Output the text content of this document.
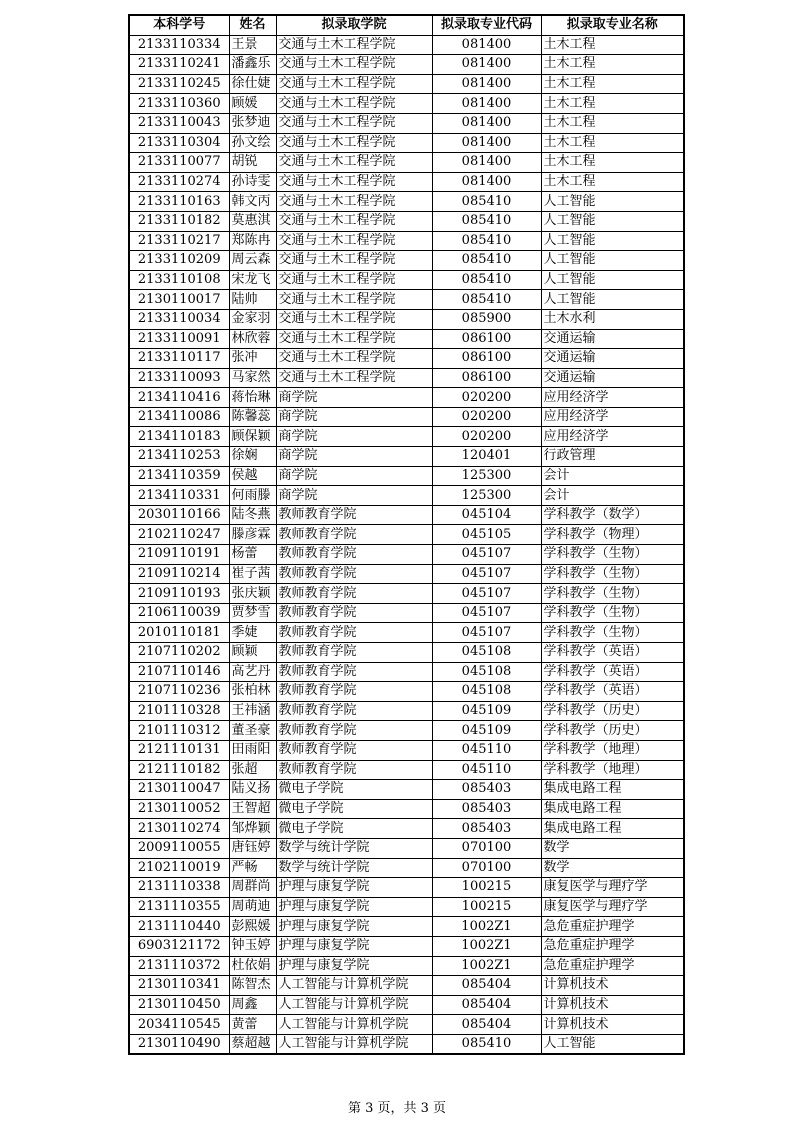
本科学号	姓名	拟录取学院	拟录取专业代码	拟录取专业名称
2133110334	王景	交通与土木工程学院	081400	土木工程
2133110241	潘鑫乐	交通与土木工程学院	081400	土木工程
2133110245	徐仕婕	交通与土木工程学院	081400	土木工程
2133110360	顾媛	交通与土木工程学院	081400	土木工程
2133110043	张梦迪	交通与土木工程学院	081400	土木工程
2133110304	孙文绘	交通与土木工程学院	081400	土木工程
2133110077	胡锐	交通与土木工程学院	081400	土木工程
2133110274	孙诗雯	交通与土木工程学院	081400	土木工程
2133110163	韩文丙	交通与土木工程学院	085410	人工智能
2133110182	莫惠淇	交通与土木工程学院	085410	人工智能
2133110217	郑陈冉	交通与土木工程学院	085410	人工智能
2133110209	周云森	交通与土木工程学院	085410	人工智能
2133110108	宋龙飞	交通与土木工程学院	085410	人工智能
2130110017	陆帅	交通与土木工程学院	085410	人工智能
2133110034	金家羽	交通与土木工程学院	085900	土木水利
2133110091	林欣蓉	交通与土木工程学院	086100	交通运输
2133110117	张冲	交通与土木工程学院	086100	交通运输
2133110093	马家然	交通与土木工程学院	086100	交通运输
2134110416	蒋怡琳	商学院	020200	应用经济学
2134110086	陈馨蕊	商学院	020200	应用经济学
2134110183	顾保颖	商学院	020200	应用经济学
2134110253	徐娴	商学院	120401	行政管理
2134110359	侯越	商学院	125300	会计
2134110331	何雨滕	商学院	125300	会计
2030110166	陆冬燕	教师教育学院	045104	学科教学（数学）
2102110247	滕彦霖	教师教育学院	045105	学科教学（物理）
2109110191	杨蕾	教师教育学院	045107	学科教学（生物）
2109110214	崔子茜	教师教育学院	045107	学科教学（生物）
2109110193	张庆颖	教师教育学院	045107	学科教学（生物）
2106110039	贾梦雪	教师教育学院	045107	学科教学（生物）
2010110181	季婕	教师教育学院	045107	学科教学（生物）
2107110202	顾颖	教师教育学院	045108	学科教学（英语）
2107110146	高艺丹	教师教育学院	045108	学科教学（英语）
2107110236	张柏林	教师教育学院	045108	学科教学（英语）
2101110328	王祎涵	教师教育学院	045109	学科教学（历史）
2101110312	董圣豪	教师教育学院	045109	学科教学（历史）
2121110131	田雨阳	教师教育学院	045110	学科教学（地理）
2121110182	张超	教师教育学院	045110	学科教学（地理）
2130110047	陆义扬	微电子学院	085403	集成电路工程
2130110052	王智超	微电子学院	085403	集成电路工程
2130110274	邹烨颖	微电子学院	085403	集成电路工程
2009110055	唐钰婷	数学与统计学院	070100	数学
2102110019	严畅	数学与统计学院	070100	数学
2131110338	周群尚	护理与康复学院	100215	康复医学与理疗学
2131110355	周萌迪	护理与康复学院	100215	康复医学与理疗学
2131110440	彭熙媛	护理与康复学院	1002Z1	急危重症护理学
6903121172	钟玉婷	护理与康复学院	1002Z1	急危重症护理学
2131110372	杜依娟	护理与康复学院	1002Z1	急危重症护理学
2130110341	陈智杰	人工智能与计算机学院	085404	计算机技术
2130110450	周鑫	人工智能与计算机学院	085404	计算机技术
2034110545	黄蕾	人工智能与计算机学院	085404	计算机技术
2130110490	蔡超越	人工智能与计算机学院	085410	人工智能
第 3 页，共 3 页
